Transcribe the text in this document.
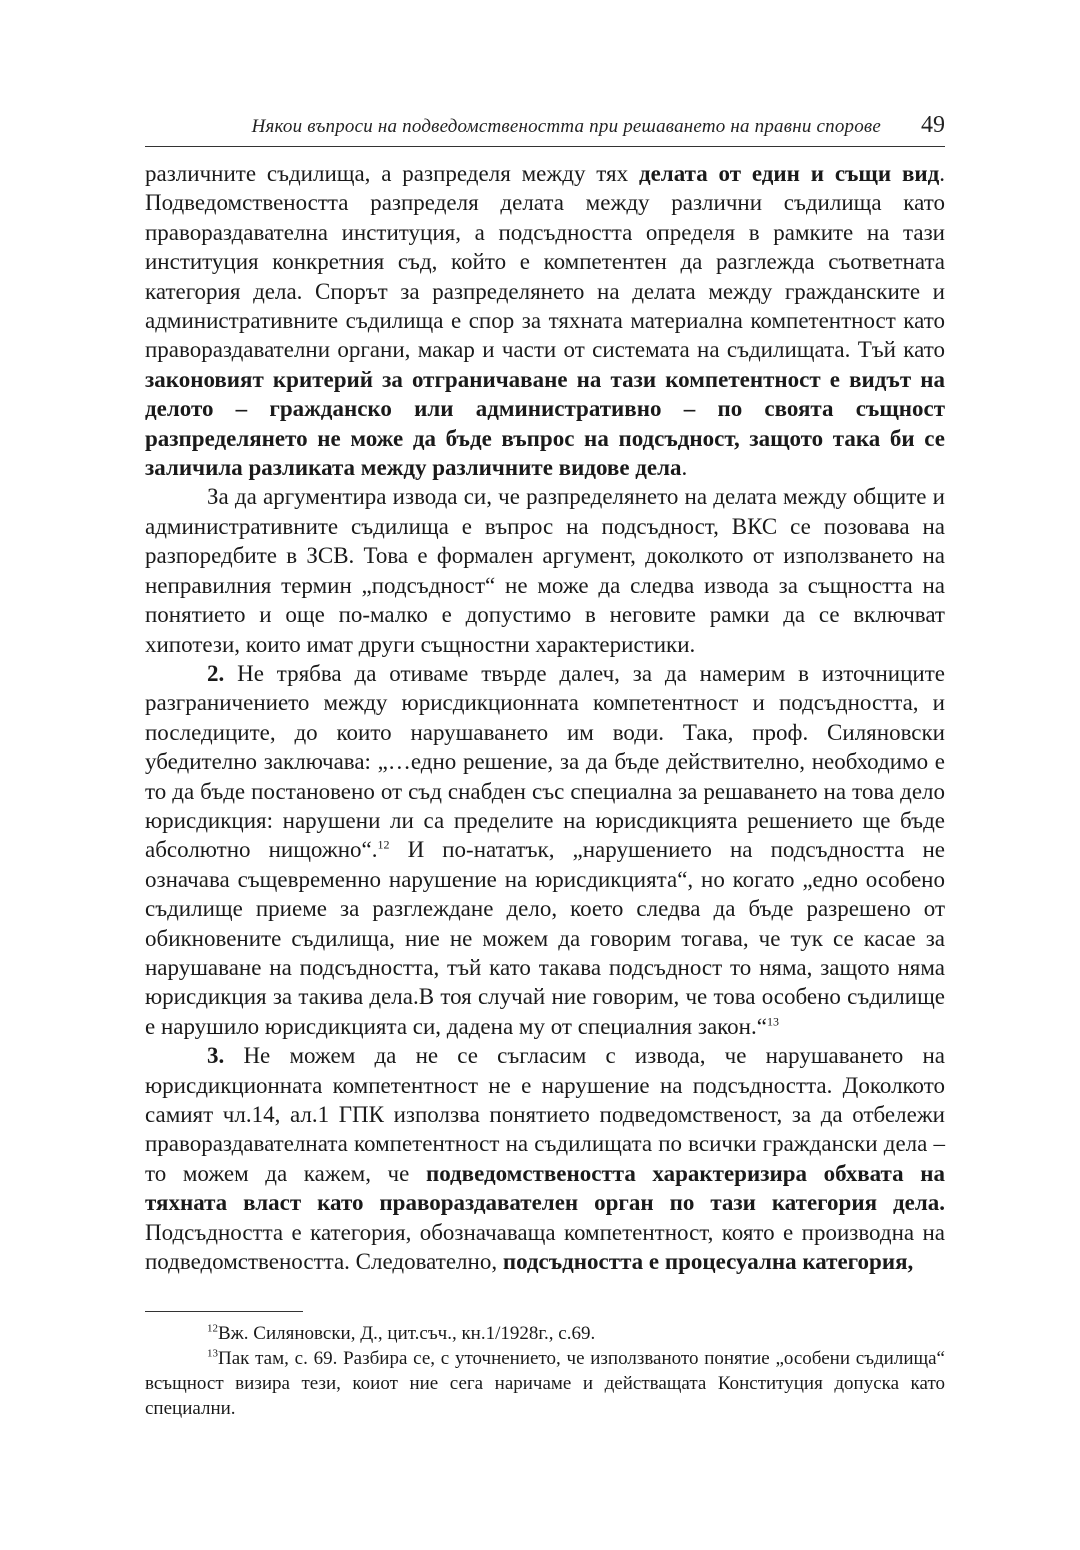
Някои въпроси на подведомствеността при решаването на правни спорове 49

различните съдилища, а разпределя между тях делата от един и същи вид. Подведомствеността разпределя делата между различни съдилища като правораздавателна институция, а подсъдността определя в рамките на тази институция конкретния съд, който е компетентен да разглежда съответната категория дела. Спорът за разпределянето на делата между гражданските и административните съдилища е спор за тяхната материална компетентност като правораздавателни органи, макар и части от системата на съдилищата. Тъй като законовият критерий за отграничаване на тази компетентност е видът на делото – гражданско или административно – по своята същност разпределянето не може да бъде въпрос на подсъдност, защото така би се заличила разликата между различните видове дела.

За да аргументира извода си, че разпределянето на делата между общите и административните съдилища е въпрос на подсъдност, ВКС се позовава на разпоредбите в ЗСВ. Това е формален аргумент, доколкото от използването на неправилния термин „подсъдност“ не може да следва извода за същността на понятието и още по-малко е допустимо в неговите рамки да се включват хипотези, които имат други същностни характеристики.

2. Не трябва да отиваме твърде далеч, за да намерим в източниците разграничението между юрисдикционната компетентност и подсъдността, и последиците, до които нарушаването им води. Така, проф. Силяновски убедително заключава: „…едно решение, за да бъде действително, необходимо е то да бъде постановено от съд снабден със специална за решаването на това дело юрисдикция: нарушени ли са пределите на юрисдикцията решението ще бъде абсолютно нищожно“.$^{12}$ И по-нататък, „нарушението на подсъдността не означава същевременно нарушение на юрисдикцията“, но когато „едно особено съдилище приеме за разглеждане дело, което следва да бъде разрешено от обикновените съдилища, ние не можем да говорим тогава, че тук се касае за нарушаване на подсъдността, тъй като такава подсъдност то няма, защото няма юрисдикция за такива дела.В тоя случай ние говорим, че това особено съдилище е нарушило юрисдикцията си, дадена му от специалния закон.“$^{13}$

3. Не можем да не се съгласим с извода, че нарушаването на юрисдикционната компетентност не е нарушение на подсъдността. Доколкото самият чл.14, ал.1 ГПК използва понятието подведомственост, за да отбележи правораздавателната компетентност на съдилищата по всички граждански дела – то можем да кажем, че подведомствеността характеризира обхвата на тяхната власт като правораздавателен орган по тази категория дела. Подсъдността е категория, обозначаваща компетентност, която е производна на подведомствеността. Следователно, подсъдността е процесуална категория,

$^{12}$Вж. Силяновски, Д., цит.съч., кн.1/1928г., с.69.

$^{13}$Пак там, с. 69. Разбира се, с уточнението, че използваното понятие „особени съдилища“ всъщност визира тези, коиот ние сега наричаме и действащата Конституция допуска като специални.
